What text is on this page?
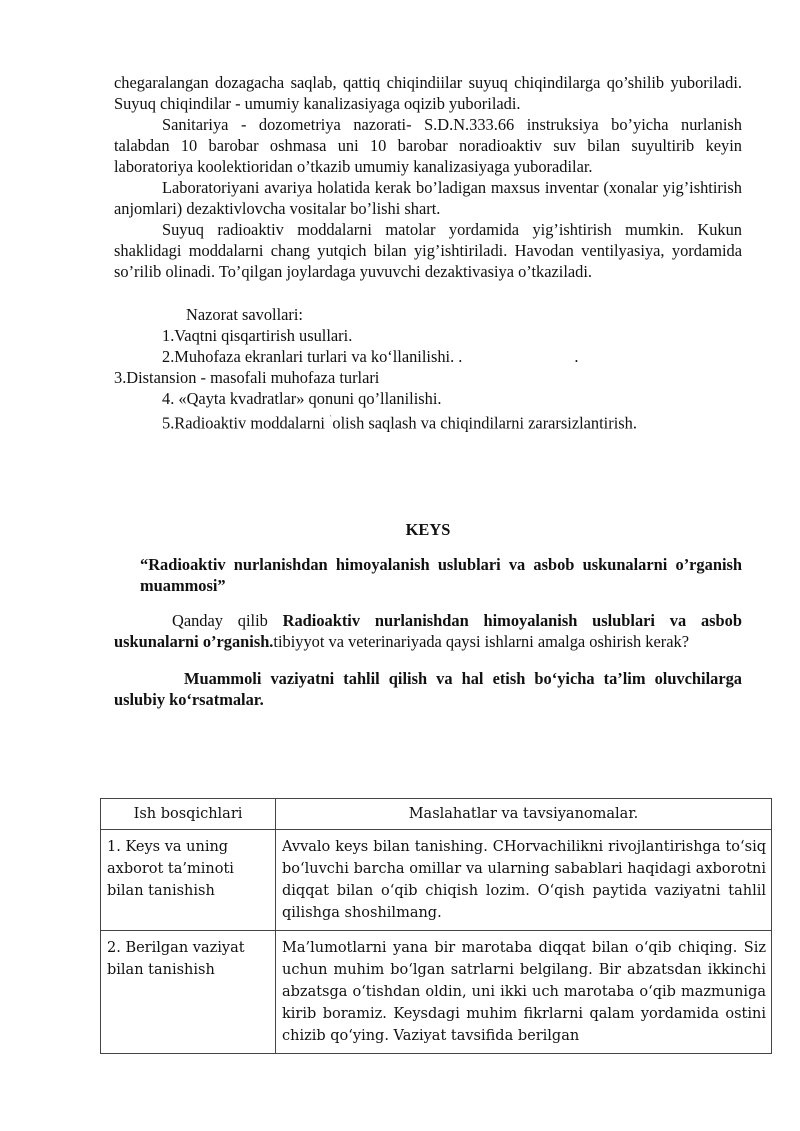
chegaralangan dozagacha saqlab, qattiq chiqindiilar suyuq chiqindilarga qo’shilib yuboriladi. Suyuq chiqindilar - umumiy kanalizasiyaga oqizib yuboriladi.

Sanitariya - dozometriya nazorati- S.D.N.333.66 instruksiya bo’yicha nurlanish talabdan 10 barobar oshmasa uni 10 barobar noradioaktiv suv bilan suyultirib keyin laboratoriya koolektioridan o’tkazib umumiy kanalizasiyaga yuboradilar.

Laboratoriyani avariya holatida kerak bo’ladigan maxsus inventar (xonalar yig’ishtirish anjomlari) dezaktivlovcha vositalar bo’lishi shart.

Suyuq radioaktiv moddalarni matolar yordamida yig’ishtirish mumkin. Kukun shaklidagi moddalarni chang yutqich bilan yig’ishtiriladi. Havodan ventilyasiya, yordamida so’rilib olinadi. To’qilgan joylardaga yuvuvchi dezaktivasiya o’tkaziladi.

Nazorat savollari:

1.Vaqtni qisqartirish usullari.

2.Muhofaza ekranlari turlari va ko‘llanilishi. .	.

3.Distansion - masofali muhofaza turlari

4. «Qayta kvadratlar» qonuni qo’llanilishi.

5.Radioaktiv moddalarni $^ˈ$olish saqlash va chiqindilarni zararsizlantirish.

KEYS

“Radioaktiv nurlanishdan himoyalanish uslublari va asbob uskunalarni o’rganish muammosi”

Qanday qilib Radioaktiv nurlanishdan himoyalanish uslublari va asbob uskunalarni o’rganish.tibiyyot va veterinariyada qaysi ishlarni amalga oshirish kerak?

Muammoli vaziyatni tahlil qilish va hal etish bo‘yicha ta’lim oluvchilarga uslubiy ko‘rsatmalar.

Ish bosqichlari	Maslahatlar va tavsiyanomalar.
1. Keys va uning axborot ta’minoti bilan tanishish	Avvalo keys bilan tanishing. CHorvachilikni rivojlantirishga to‘siq bo‘luvchi barcha omillar va ularning sabablari haqidagi axborotni diqqat bilan o‘qib chiqish lozim. O‘qish paytida vaziyatni tahlil qilishga shoshilmang.
2. Berilgan vaziyat bilan tanishish	Ma’lumotlarni yana bir marotaba diqqat bilan o‘qib chiqing. Siz uchun muhim bo‘lgan satrlarni belgilang. Bir abzatsdan ikkinchi abzatsga o‘tishdan oldin, uni ikki uch marotaba o‘qib mazmuniga kirib boramiz. Keysdagi muhim fikrlarni qalam yordamida ostini chizib qo‘ying. Vaziyat tavsifida berilgan
